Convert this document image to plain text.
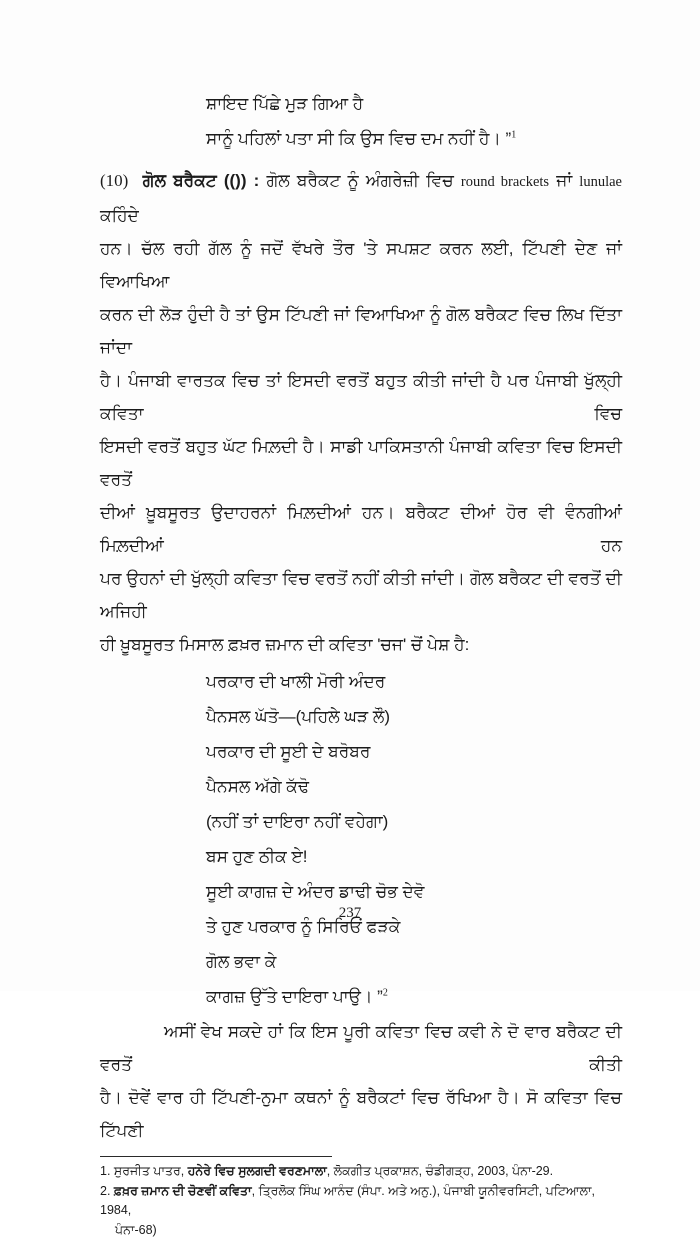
ਸ਼ਾਇਦ ਪਿੱਛੇ ਮੁੜ ਗਿਆ ਹੈ
ਸਾਨੂੰ ਪਹਿਲਾਂ ਪਤਾ ਸੀ ਕਿ ਉਸ ਵਿਚ ਦਮ ਨਹੀਂ ਹੈ। ”$^1$
(10) ਗੋਲ ਬਰੈਕਟ (()) : ਗੋਲ ਬਰੈਕਟ ਨੂੰ ਅੰਗਰੇਜ਼ੀ ਵਿਚ round brackets ਜਾਂ lunulae ਕਹਿੰਦੇ
ਹਨ। ਚੱਲ ਰਹੀ ਗੱਲ ਨੂੰ ਜਦੋਂ ਵੱਖਰੇ ਤੌਰ 'ਤੇ ਸਪਸ਼ਟ ਕਰਨ ਲਈ, ਟਿੱਪਣੀ ਦੇਣ ਜਾਂ ਵਿਆਖਿਆ
ਕਰਨ ਦੀ ਲੋੜ ਹੁੰਦੀ ਹੈ ਤਾਂ ਉਸ ਟਿੱਪਣੀ ਜਾਂ ਵਿਆਖਿਆ ਨੂੰ ਗੋਲ ਬਰੈਕਟ ਵਿਚ ਲਿਖ ਦਿੱਤਾ ਜਾਂਦਾ
ਹੈ। ਪੰਜਾਬੀ ਵਾਰਤਕ ਵਿਚ ਤਾਂ ਇਸਦੀ ਵਰਤੋਂ ਬਹੁਤ ਕੀਤੀ ਜਾਂਦੀ ਹੈ ਪਰ ਪੰਜਾਬੀ ਖੁੱਲ੍ਹੀ ਕਵਿਤਾ ਵਿਚ
ਇਸਦੀ ਵਰਤੋਂ ਬਹੁਤ ਘੱਟ ਮਿਲ਼ਦੀ ਹੈ। ਸਾਡੀ ਪਾਕਿਸਤਾਨੀ ਪੰਜਾਬੀ ਕਵਿਤਾ ਵਿਚ ਇਸਦੀ ਵਰਤੋਂ
ਦੀਆਂ ਖ਼ੂਬਸੂਰਤ ਉਦਾਹਰਨਾਂ ਮਿਲ਼ਦੀਆਂ ਹਨ। ਬਰੈਕਟ ਦੀਆਂ ਹੋਰ ਵੀ ਵੰਨਗੀਆਂ ਮਿਲ਼ਦੀਆਂ ਹਨ
ਪਰ ਉਹਨਾਂ ਦੀ ਖੁੱਲ੍ਹੀ ਕਵਿਤਾ ਵਿਚ ਵਰਤੋਂ ਨਹੀਂ ਕੀਤੀ ਜਾਂਦੀ। ਗੋਲ ਬਰੈਕਟ ਦੀ ਵਰਤੋਂ ਦੀ ਅਜਿਹੀ
ਹੀ ਖ਼ੂਬਸੂਰਤ ਮਿਸਾਲ ਫ਼ਖ਼ਰ ਜ਼ਮਾਨ ਦੀ ਕਵਿਤਾ 'ਚਜ' ਚੋਂ ਪੇਸ਼ ਹੈ:
ਪਰਕਾਰ ਦੀ ਖਾਲੀ ਮੋਰੀ ਅੰਦਰ
ਪੈਨਸਲ ਘੱਤੋ—(ਪਹਿਲੇ ਘੜ ਲੌ)
ਪਰਕਾਰ ਦੀ ਸੂਈ ਦੇ ਬਰੋਬਰ
ਪੈਨਸਲ ਅੱਗੇ ਕੱਢੋ
(ਨਹੀਂ ਤਾਂ ਦਾਇਰਾ ਨਹੀਂ ਵਹੇਗਾ)
ਬਸ ਹੁਣ ਠੀਕ ਏ!
ਸੂਈ ਕਾਗਜ਼ ਦੇ ਅੰਦਰ ਡਾਢੀ ਚੋਭ ਦੇਵੋ
ਤੇ ਹੁਣ ਪਰਕਾਰ ਨੂੰ ਸਿਰਿਓਂ ਫੜਕੇ
ਗੋਲ ਭਵਾ ਕੇ
ਕਾਗਜ਼ ਉੱਤੇ ਦਾਇਰਾ ਪਾਉ। ”$^2$
ਅਸੀਂ ਵੇਖ ਸਕਦੇ ਹਾਂ ਕਿ ਇਸ ਪੂਰੀ ਕਵਿਤਾ ਵਿਚ ਕਵੀ ਨੇ ਦੋ ਵਾਰ ਬਰੈਕਟ ਦੀ ਵਰਤੋਂ ਕੀਤੀ
ਹੈ। ਦੋਵੇਂ ਵਾਰ ਹੀ ਟਿੱਪਣੀ-ਨੁਮਾ ਕਥਨਾਂ ਨੂੰ ਬਰੈਕਟਾਂ ਵਿਚ ਰੱਖਿਆ ਹੈ। ਸੋ ਕਵਿਤਾ ਵਿਚ ਟਿੱਪਣੀ
1. ਸੁਰਜੀਤ ਪਾਤਰ, ਹਨੇਰੇ ਵਿਚ ਸੁਲਗਦੀ ਵਰਣਮਾਲਾ, ਲੋਕਗੀਤ ਪ੍ਰਕਾਸ਼ਨ, ਚੰਡੀਗੜ੍ਹ, 2003, ਪੰਨਾ-29.
2. ਫ਼ਖ਼ਰ ਜ਼ਮਾਨ ਦੀ ਚੋਣਵੀਂ ਕਵਿਤਾ, ਤ੍ਰਿਲੋਕ ਸਿੰਘ ਆਨੰਦ (ਸੰਪਾ. ਅਤੇ ਅਨੁ.), ਪੰਜਾਬੀ ਯੂਨੀਵਰਸਿਟੀ, ਪਟਿਆਲਾ, 1984,
ਪੰਨਾ-68)
237
